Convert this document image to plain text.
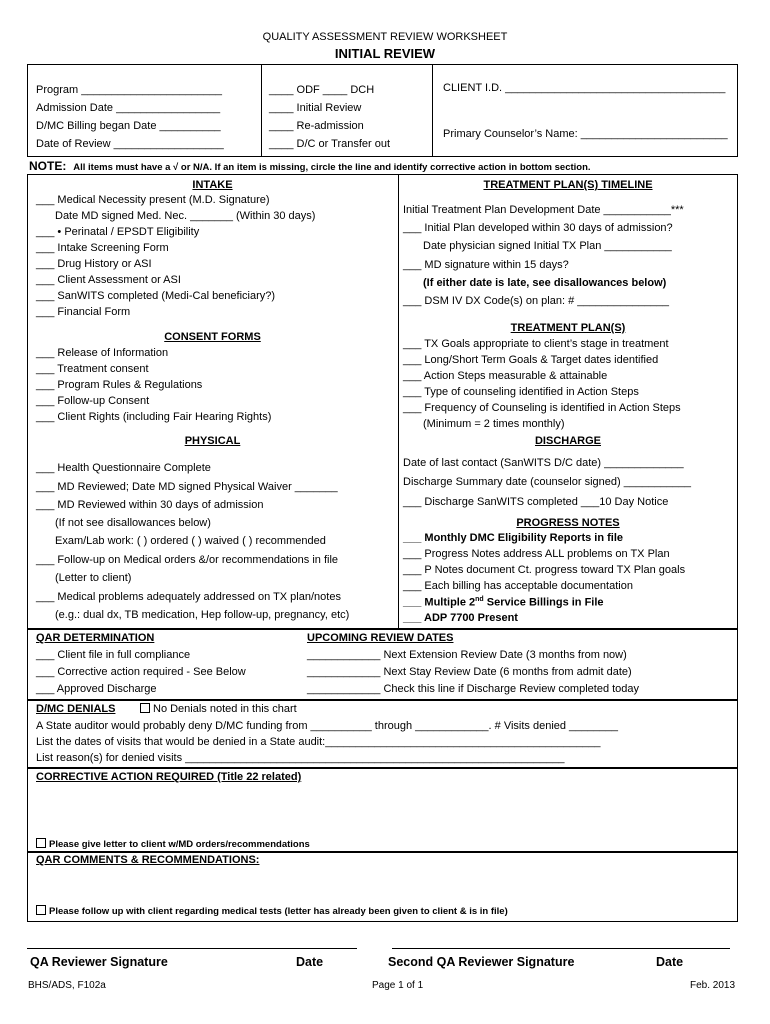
QUALITY ASSESSMENT REVIEW WORKSHEET
INITIAL REVIEW
Program _______________________
Admission Date _________________
D/MC Billing began Date __________
Date of Review __________________
____ ODF ____ DCH
____ Initial Review
____ Re-admission
____ D/C or Transfer out
CLIENT I.D. ____________________________________
Primary Counselor’s Name: ________________________
NOTE: All items must have a √ or N/A. If an item is missing, circle the line and identify corrective action in bottom section.
INTAKE
___ Medical Necessity present (M.D. Signature)
Date MD signed Med. Nec. _______ (Within 30 days)
___ • Perinatal / EPSDT Eligibility
___ Intake Screening Form
___ Drug History or ASI
___ Client Assessment or ASI
___ SanWITS completed (Medi-Cal beneficiary?)
___ Financial Form
CONSENT FORMS
___ Release of Information
___ Treatment consent
___ Program Rules & Regulations
___ Follow-up Consent
___ Client Rights (including Fair Hearing Rights)
PHYSICAL
___ Health Questionnaire Complete
___ MD Reviewed; Date MD signed Physical Waiver _______
___ MD Reviewed within 30 days of admission
(If not see disallowances below)
Exam/Lab work: ( ) ordered ( ) waived ( ) recommended
___ Follow-up on Medical orders &/or recommendations in file
(Letter to client)
___ Medical problems adequately addressed on TX plan/notes
(e.g.: dual dx, TB medication, Hep follow-up, pregnancy, etc)
TREATMENT PLAN(S) TIMELINE
Initial Treatment Plan Development Date ___________***
___ Initial Plan developed within 30 days of admission?
Date physician signed Initial TX Plan ___________
___ MD signature within 15 days?
(If either date is late, see disallowances below)
___ DSM IV DX Code(s) on plan: # _______________
TREATMENT PLAN(S)
___ TX Goals appropriate to client’s stage in treatment
___ Long/Short Term Goals & Target dates identified
___ Action Steps measurable & attainable
___ Type of counseling identified in Action Steps
___ Frequency of Counseling is identified in Action Steps
(Minimum = 2 times monthly)
DISCHARGE
Date of last contact (SanWITS D/C date) _____________
Discharge Summary date (counselor signed) ___________
___ Discharge SanWITS completed ___10 Day Notice
PROGRESS NOTES
___ Monthly DMC Eligibility Reports in file
___ Progress Notes address ALL problems on TX Plan
___ P Notes document Ct. progress toward TX Plan goals
___ Each billing has acceptable documentation
___ Multiple 2nd Service Billings in File
___ ADP 7700 Present
QAR DETERMINATION
___ Client file in full compliance
___ Corrective action required - See Below
___ Approved Discharge
UPCOMING REVIEW DATES
____________ Next Extension Review Date (3 months from now)
____________ Next Stay Review Date (6 months from admit date)
____________ Check this line if Discharge Review completed today
D/MC DENIALS	No Denials noted in this chart
A State auditor would probably deny D/MC funding from __________ through ____________. # Visits denied ________
List the dates of visits that would be denied in a State audit:_____________________________________________
List reason(s) for denied visits ______________________________________________________________
CORRECTIVE ACTION REQUIRED (Title 22 related)
Please give letter to client w/MD orders/recommendations
QAR COMMENTS & RECOMMENDATIONS:
Please follow up with client regarding medical tests (letter has already been given to client & is in file)
QA Reviewer Signature	Date	Second QA Reviewer Signature	Date
BHS/ADS, F102a	Page 1 of 1	Feb. 2013
